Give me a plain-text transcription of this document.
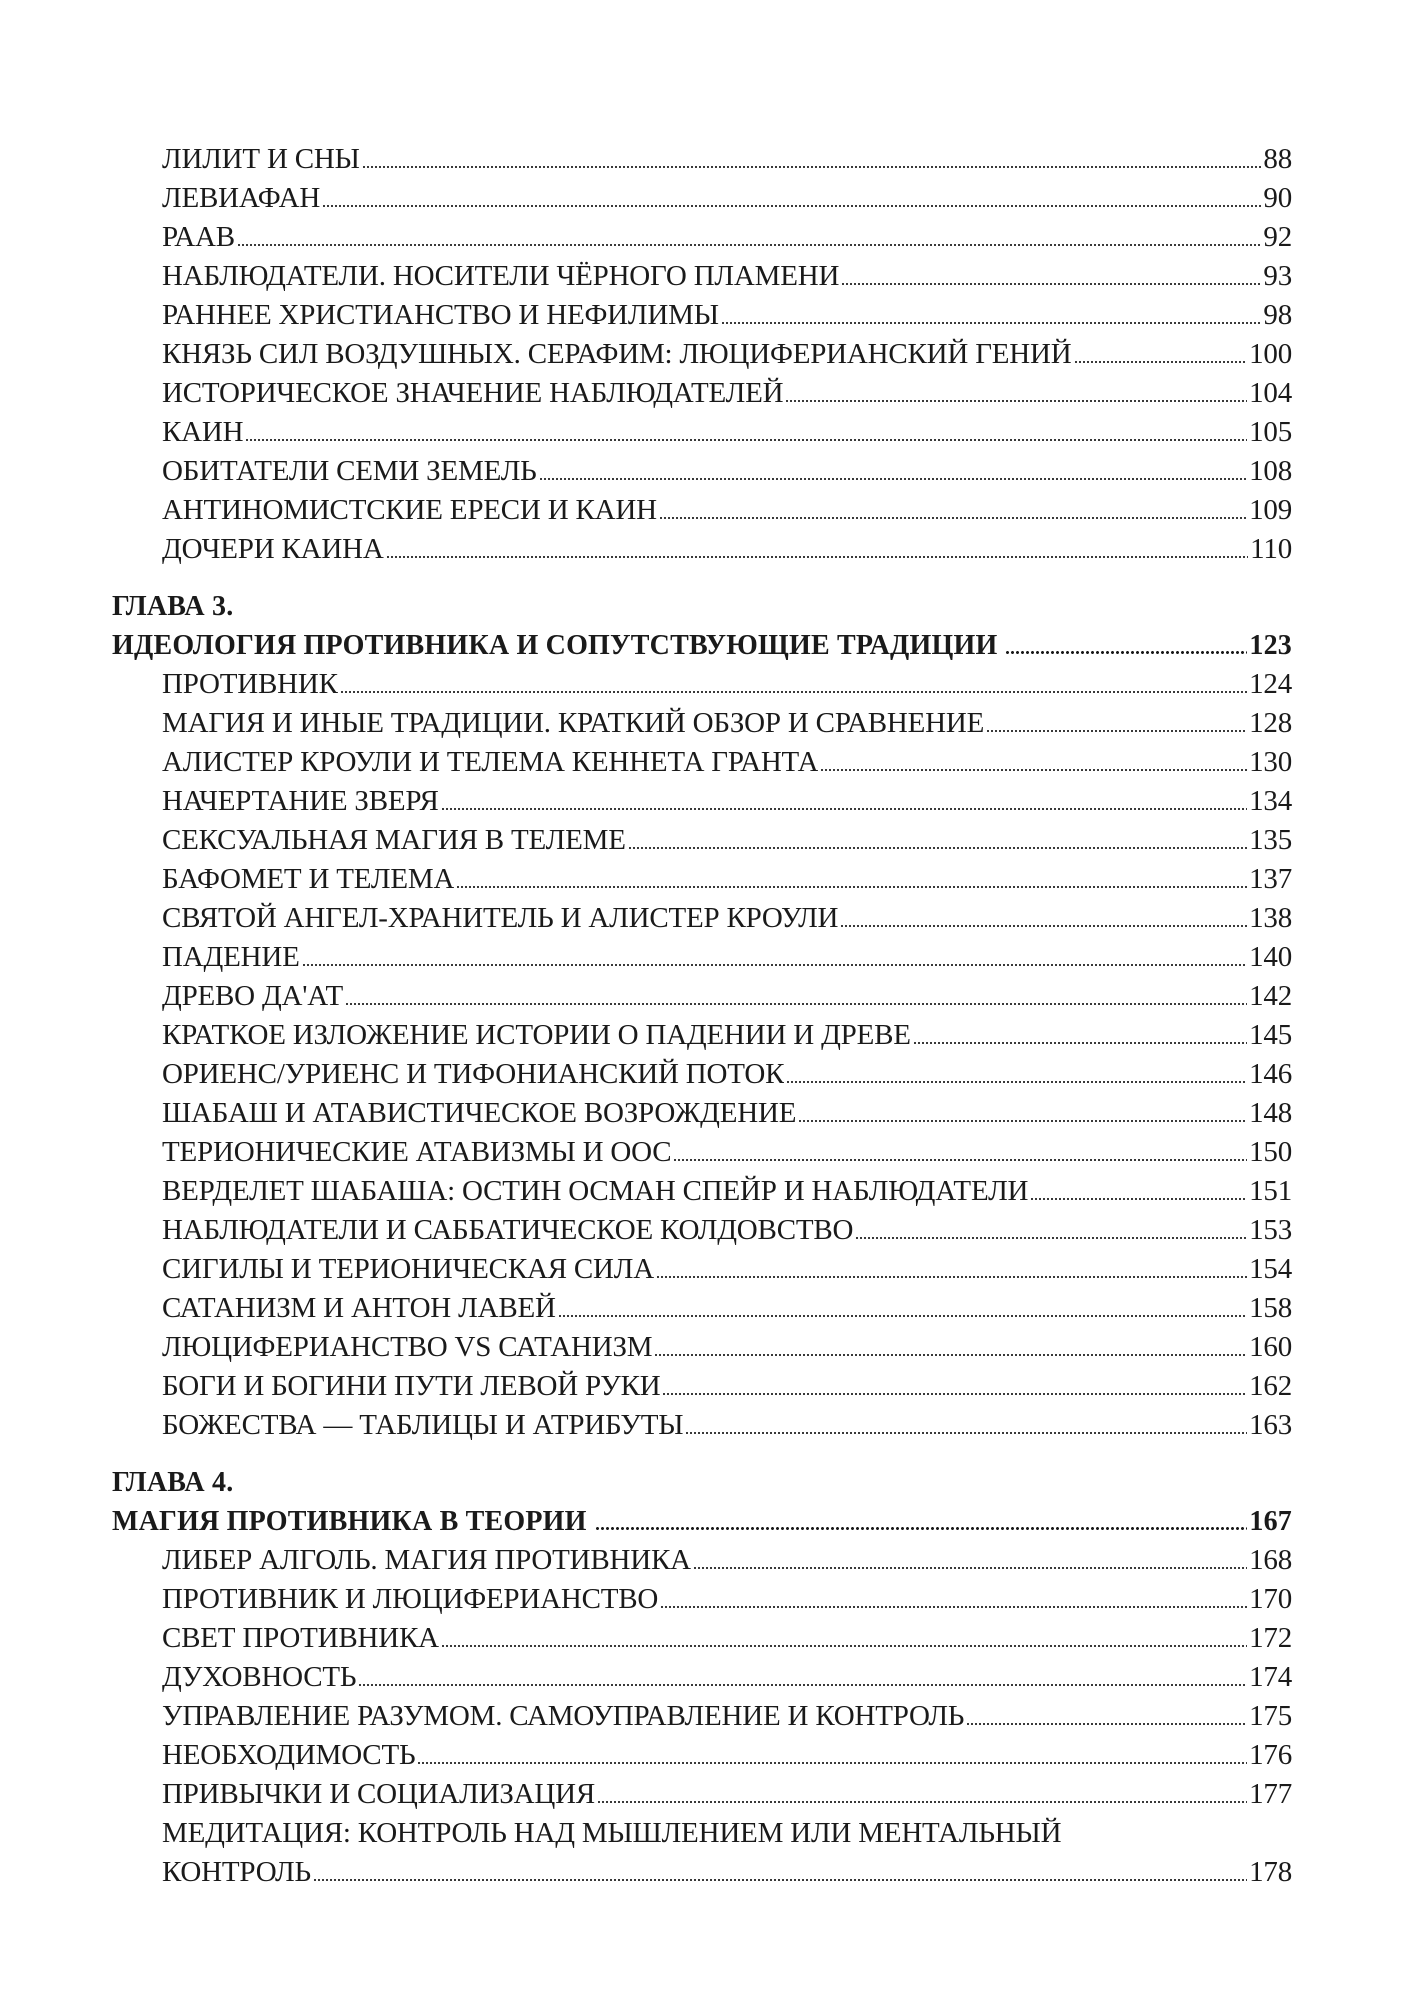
ЛИЛИТ И СНЫ	88
ЛЕВИАФАН	90
РААВ	92
НАБЛЮДАТЕЛИ. НОСИТЕЛИ ЧЁРНОГО ПЛАМЕНИ	93
РАННЕЕ ХРИСТИАНСТВО И НЕФИЛИМЫ	98
КНЯЗЬ СИЛ ВОЗДУШНЫХ. СЕРАФИМ: ЛЮЦИФЕРИАНСКИЙ ГЕНИЙ	100
ИСТОРИЧЕСКОЕ ЗНАЧЕНИЕ НАБЛЮДАТЕЛЕЙ	104
КАИН	105
ОБИТАТЕЛИ СЕМИ ЗЕМЕЛЬ	108
АНТИНОМИСТСКИЕ ЕРЕСИ И КАИН	109
ДОЧЕРИ КАИНА	110
ГЛАВА 3.
ИДЕОЛОГИЯ ПРОТИВНИКА И СОПУТСТВУЮЩИЕ ТРАДИЦИИ	123
ПРОТИВНИК	124
МАГИЯ И ИНЫЕ ТРАДИЦИИ. КРАТКИЙ ОБЗОР И СРАВНЕНИЕ	128
АЛИСТЕР КРОУЛИ И ТЕЛЕМА КЕННЕТА ГРАНТА	130
НАЧЕРТАНИЕ ЗВЕРЯ	134
СЕКСУАЛЬНАЯ МАГИЯ В ТЕЛЕМЕ	135
БАФОМЕТ И ТЕЛЕМА	137
СВЯТОЙ АНГЕЛ-ХРАНИТЕЛЬ И АЛИСТЕР КРОУЛИ	138
ПАДЕНИЕ	140
ДРЕВО ДА'АТ	142
КРАТКОЕ ИЗЛОЖЕНИЕ ИСТОРИИ О ПАДЕНИИ И ДРЕВЕ	145
ОРИЕНС/УРИЕНС И ТИФОНИАНСКИЙ ПОТОК	146
ШАБАШ И АТАВИСТИЧЕСКОЕ ВОЗРОЖДЕНИЕ	148
ТЕРИОНИЧЕСКИЕ АТАВИЗМЫ И ООС	150
ВЕРДЕЛЕТ ШАБАША: ОСТИН ОСМАН СПЕЙР И НАБЛЮДАТЕЛИ	151
НАБЛЮДАТЕЛИ И САББАТИЧЕСКОЕ КОЛДОВСТВО	153
СИГИЛЫ И ТЕРИОНИЧЕСКАЯ СИЛА	154
САТАНИЗМ И АНТОН ЛАВЕЙ	158
ЛЮЦИФЕРИАНСТВО VS САТАНИЗМ	160
БОГИ И БОГИНИ ПУТИ ЛЕВОЙ РУКИ	162
БОЖЕСТВА — ТАБЛИЦЫ И АТРИБУТЫ	163
ГЛАВА 4.
МАГИЯ ПРОТИВНИКА В ТЕОРИИ	167
ЛИБЕР АЛГОЛЬ. МАГИЯ ПРОТИВНИКА	168
ПРОТИВНИК И ЛЮЦИФЕРИАНСТВО	170
СВЕТ ПРОТИВНИКА	172
ДУХОВНОСТЬ	174
УПРАВЛЕНИЕ РАЗУМОМ. САМОУПРАВЛЕНИЕ И КОНТРОЛЬ	175
НЕОБХОДИМОСТЬ	176
ПРИВЫЧКИ И СОЦИАЛИЗАЦИЯ	177
МЕДИТАЦИЯ: КОНТРОЛЬ НАД МЫШЛЕНИЕМ ИЛИ МЕНТАЛЬНЫЙ
КОНТРОЛЬ	178
